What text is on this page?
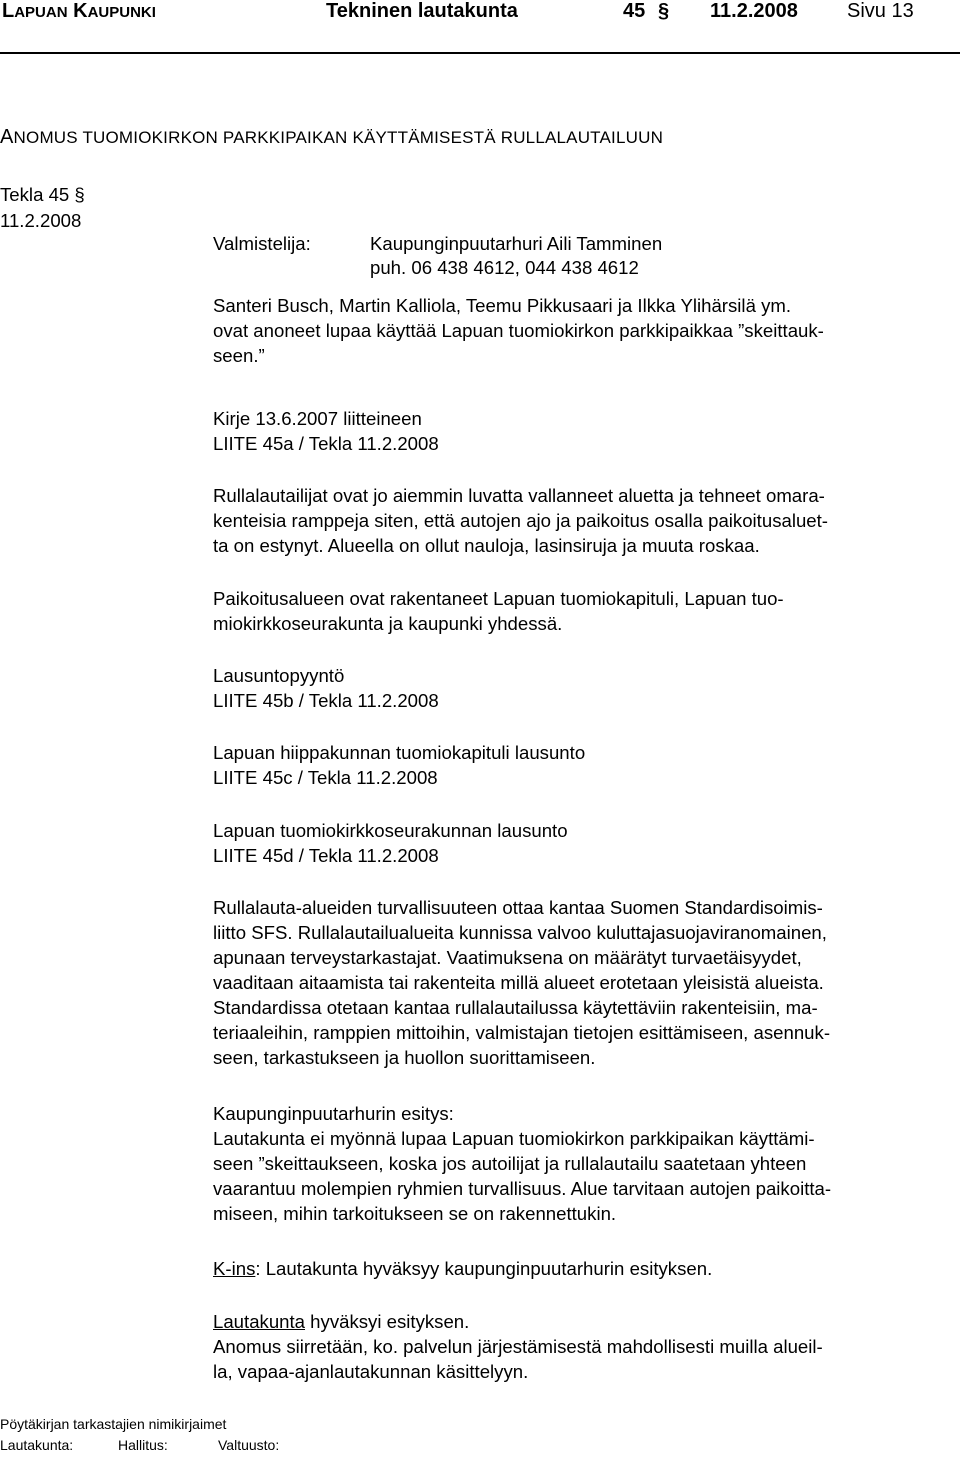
LAPUAN KAUPUNKI	Tekninen lautakunta	45 § 11.2.2008 Sivu 13
ANOMUS TUOMIOKIRKON PARKKIPAIKAN KÄYTTÄMISESTÄ RULLALAUTAILUUN
Tekla 45 §
11.2.2008
Valmistelija:	Kaupunginpuutarhuri Aili Tamminen
puh. 06 438 4612, 044 438 4612

Santeri Busch, Martin Kalliola, Teemu Pikkusaari ja Ilkka Ylihärsilä ym.

ovat anoneet lupaa käyttää Lapuan tuomiokirkon parkkipaikkaa ”skeittauk-

seen.”

Kirje 13.6.2007 liitteineen

LIITE 45a / Tekla 11.2.2008

Rullalautailijat ovat jo aiemmin luvatta vallanneet aluetta ja tehneet omara-

kenteisia ramppeja siten, että autojen ajo ja paikoitus osalla paikoitusaluet-

ta on estynyt. Alueella on ollut nauloja, lasinsiruja ja muuta roskaa.

Paikoitusalueen ovat rakentaneet Lapuan tuomiokapituli, Lapuan tuo-

miokirkkoseurakunta ja kaupunki yhdessä.

Lausuntopyyntö

LIITE 45b / Tekla 11.2.2008

Lapuan hiippakunnan tuomiokapituli lausunto

LIITE 45c / Tekla 11.2.2008

Lapuan tuomiokirkkoseurakunnan lausunto

LIITE 45d / Tekla 11.2.2008

Rullalauta-alueiden turvallisuuteen ottaa kantaa Suomen Standardisoimis-

liitto SFS. Rullalautailualueita kunnissa valvoo kuluttajasuojaviranomainen,

apunaan terveystarkastajat. Vaatimuksena on määrätyt turvaetäisyydet,

vaaditaan aitaamista tai rakenteita millä alueet erotetaan yleisistä alueista.

Standardissa otetaan kantaa rullalautailussa käytettäviin rakenteisiin, ma-

teriaaleihin, ramppien mittoihin, valmistajan tietojen esittämiseen, asennuk-

seen, tarkastukseen ja huollon suorittamiseen.

Kaupunginpuutarhurin esitys:

Lautakunta ei myönnä lupaa Lapuan tuomiokirkon parkkipaikan käyttämi-

seen ”skeittaukseen, koska jos autoilijat ja rullalautailu saatetaan yhteen

vaarantuu molempien ryhmien turvallisuus. Alue tarvitaan autojen paikoitta-

miseen, mihin tarkoitukseen se on rakennettukin.

K-ins: Lautakunta hyväksyy kaupunginpuutarhurin esityksen.

Lautakunta hyväksyi esityksen.

Anomus siirretään, ko. palvelun järjestämisestä mahdollisesti muilla alueil-

la, vapaa-ajanlautakunnan käsittelyyn.

Pöytäkirjan tarkastajien nimikirjaimet
Lautakunta:	Hallitus:	Valtuusto:
